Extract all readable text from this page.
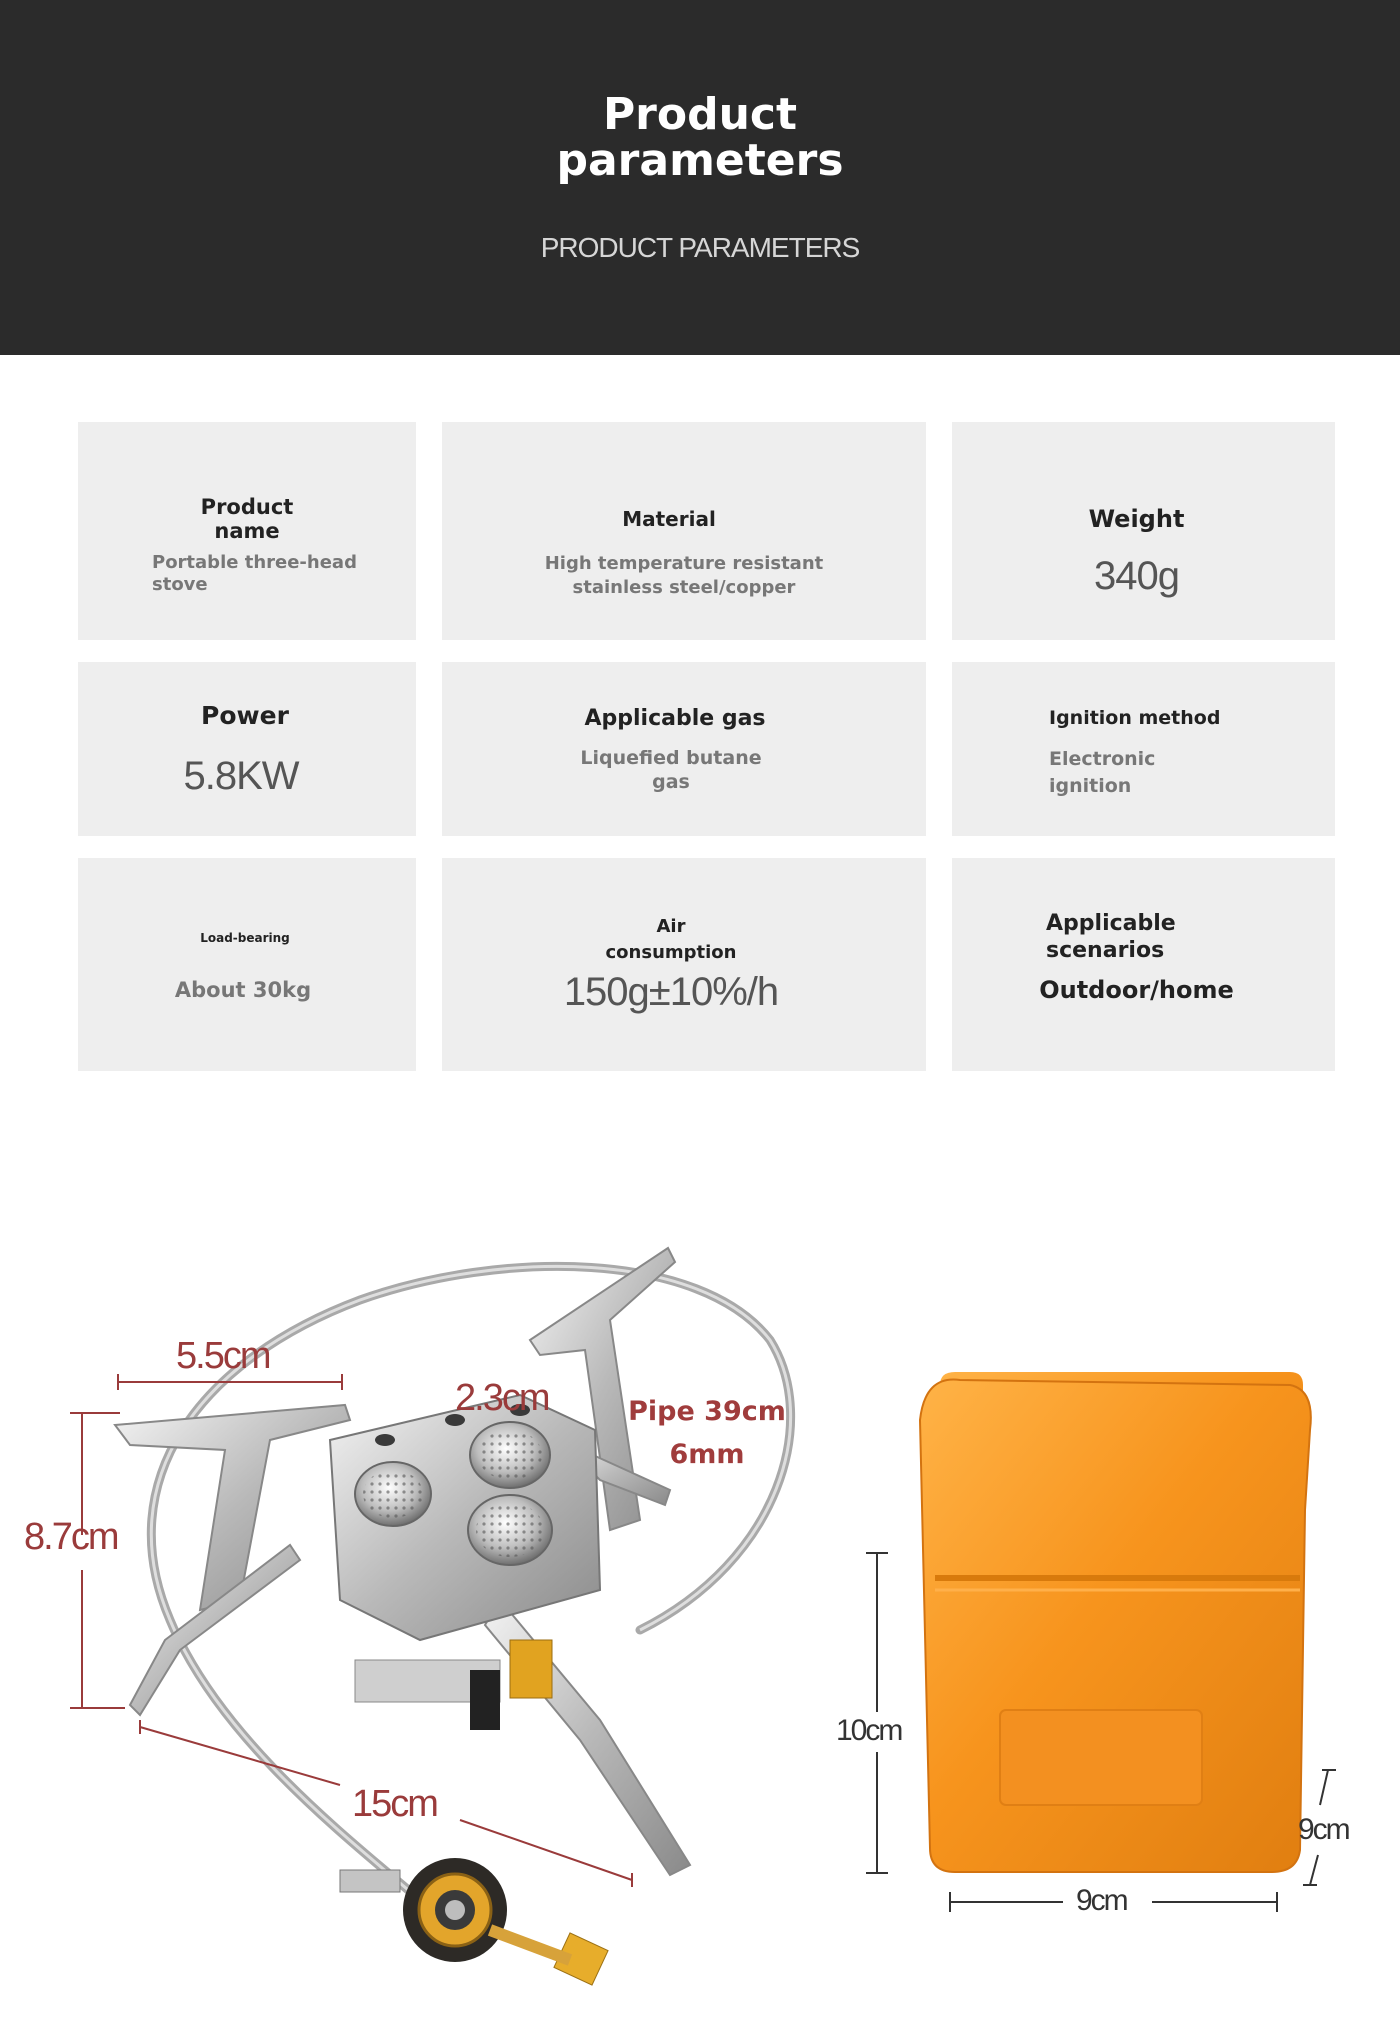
Product
parameters
PRODUCT PARAMETERS
Product
name
Portable three-head
stove
Material
High temperature resistant
stainless steel/copper
Weight
340g
Power
5.8KW
Applicable gas
Liquefied butane
gas
Ignition method
Electronic
ignition
Load-bearing
About 30kg
Air
consumption
150g±10%/h
Applicable
scenarios
Outdoor/home
5.5cm
2.3cm
8.7cm
15cm
Pipe 39cm
6mm
10cm
9cm
9cm
